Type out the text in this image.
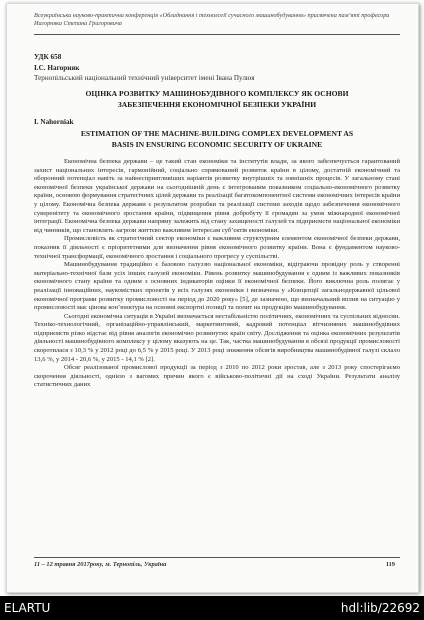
Всеукраїнська науково-практична конференція «Обладнання і технології сучасного машинобудування» присвячена пам’яті професора Иагорняка Степана Григоровича
УДК 658
І.С. Нагорняк
Тернопільський національний технічний університет імені Івана Пулюя
ОЦІНКА РОЗВИТКУ МАШИНОБУДІВНОГО КОМПЛЕКСУ ЯК ОСНОВИ
ЗАБЕЗПЕЧЕННЯ ЕКОНОМІЧНОЇ БЕЗПЕКИ УКРАЇНИ
I. Nahorniak
ESTIMATION OF THE MACHINE-BUILDING COMPLEX DEVELOPMENT AS
BASIS IN ENSURING ECONOMIC SECURITY OF UKRAINE

Економічна безпека держави – це такий стан економіки та інститутів влади, за якого забезпечується гарантований захист національних інтересів, гармонійний, соціально спрямований розвиток країни в цілому, достатній економічний та оборонний потенціал навіть за найнесприятливіших варіантів розвитку внутрішніх та зовнішніх процесів. У загальному стані економічної безпеки української держави на сьогоднішній день є інтегрованим показником соціально-економічного розвитку країни, основою формування стратегічних цілей держави та реалізації багатокомпонентної системи економічних інтересів країни у цілому. Економічна безпека держави є результатом розробки та реалізації системи заходів щодо забезпечення економічного суверенітету та економічного зростання країни, підвищення рівня добробуту її громадян за умов міжнародної економічної інтеграції. Економічна безпека держави напряму залежить від стану захищеності галузей та підприємств національної економіки від чинників, що становлять загрози життєво важливим інтересам суб’єктів економіки.

Промисловість як стратегічний сектор економіки є важливим структурним елементом економічної безпеки держави, показник її діяльності є пріоритетними для визначення рівня економічного розвитку країни. Вона є фундаментом науково-технічної трансформації, економічного зростання і соціального прогресу у суспільстві.

Машинобудування традиційно є базовою галуззю національної економіки, відіграючи провідну роль у створенні матеріально-технічної бази усіх інших галузей економіки. Рівень розвитку машинобудування є одним із важливих показників економічного стану країни та одним з основних індикаторів оцінки її економічної безпеки. Його виключна роль полягає у реалізації інноваційних, наукомістких проектів у всіх галузях економіки і визначена у «Концепції загальнодержавної цільової економічної програми розвитку промисловості на період до 2020 року» [5], де зазначено, що визначальний вплив на ситуацію у промисловості має цінова кон’юнктура на основні експортні позиції та попит на продукцію машинобудування.

Сьогодні економічна ситуація в Україні визначається нестабільністю політичних, економічних та суспільних відносин. Техніко-технологічний, організаційно-управлінський, маркетинговий, кадровий потенціал вітчизняних машинобудівних підприємств різко відстає від рівня аналогів економічно розвинутих країн світу. Дослідження та оцінка економічних результатів діяльності машинобудівного комплексу у цілому вказують на це. Так, частка машинобудування в обсязі продукції промисловості скоротилася з 10,3 % у 2012 році до 6,5 % у 2015 році. У 2013 році зниження обсягів виробництва машинобудівної галузі склало 13,6 %, у 2014 - 20,6 %, у 2015 - 14,1 % [2].

Обсяг реалізованої промислової продукції за період з 2010 по 2012 роки зростав, але з 2013 року спостерігаємо скорочення діяльності, однією з вагомих причин якого є військово-політичні дії на сході України. Результати аналізу статистичних даних

11 – 12 травня 2017року, м. Тернопіль, Україна	119
ELARTU	hdl:lib/22692
